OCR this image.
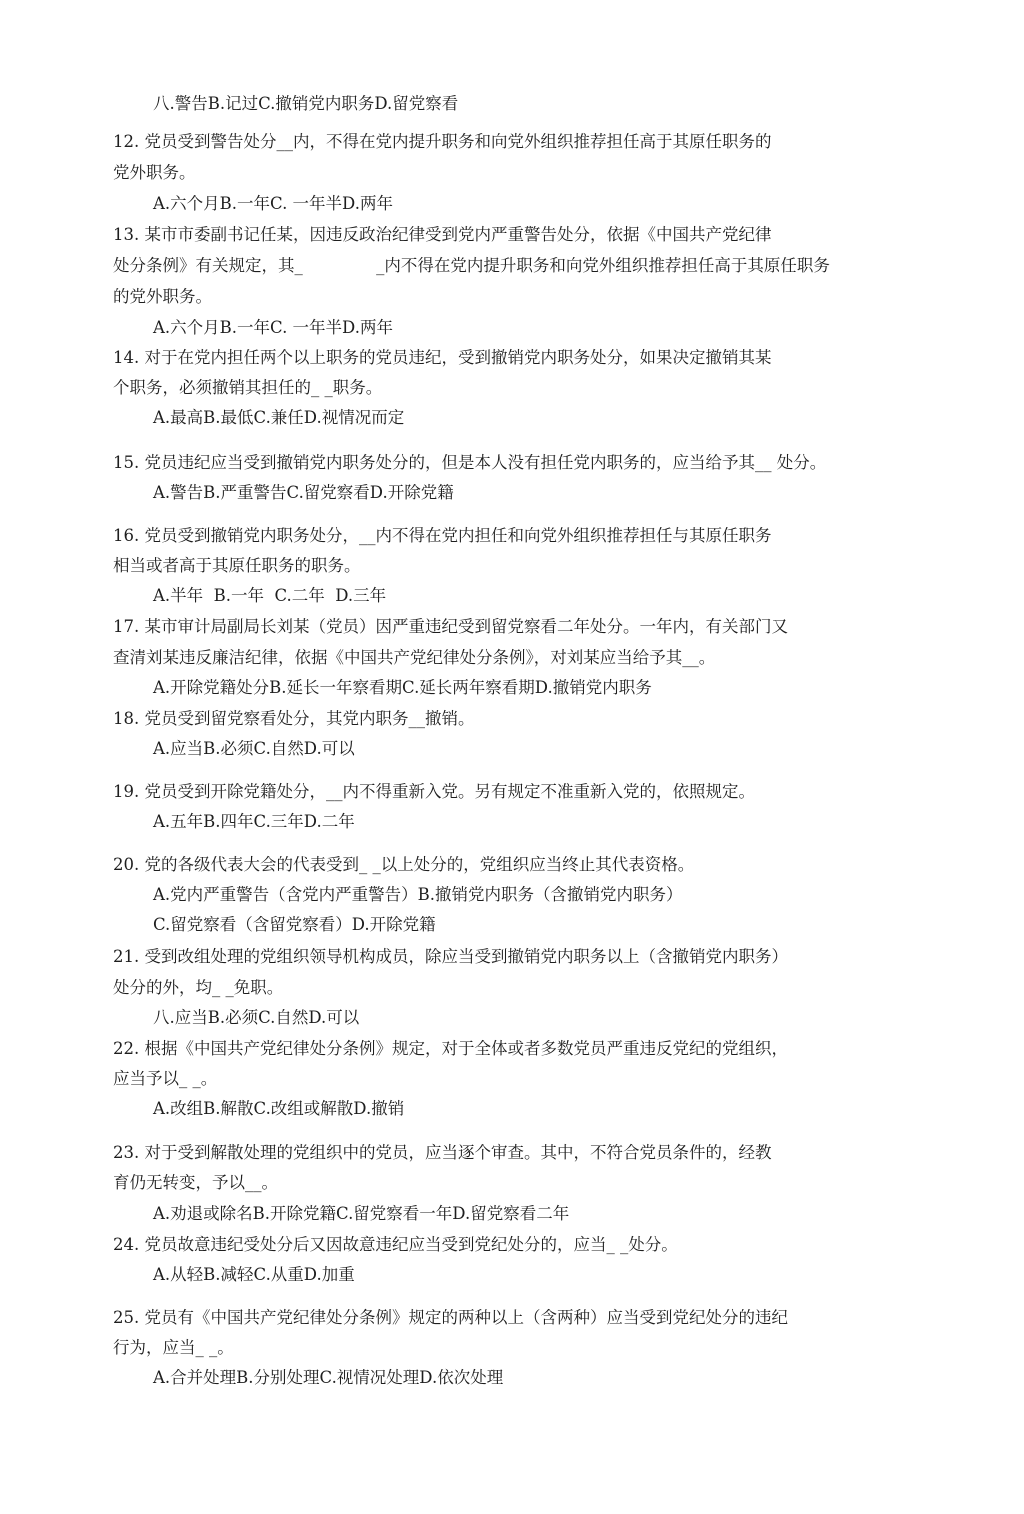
八.警告B.记过C.撤销党内职务D.留党察看
12. 党员受到警告处分__内，不得在党内提升职务和向党外组织推荐担任高于其原任职务的
党外职务。
A.六个月B.一年C. 一年半D.两年
13. 某市市委副书记任某，因违反政治纪律受到党内严重警告处分，依据《中国共产党纪律
处分条例》有关规定，其_              _内不得在党内提升职务和向党外组织推荐担任高于其原任职务
的党外职务。
A.六个月B.一年C. 一年半D.两年
14. 对于在党内担任两个以上职务的党员违纪，受到撤销党内职务处分，如果决定撤销其某
个职务，必须撤销其担任的_ _职务。
A.最高B.最低C.兼任D.视情况而定
15. 党员违纪应当受到撤销党内职务处分的，但是本人没有担任党内职务的，应当给予其__ 处分。
A.警告B.严重警告C.留党察看D.开除党籍
16. 党员受到撤销党内职务处分，__内不得在党内担任和向党外组织推荐担任与其原任职务
相当或者高于其原任职务的职务。
A.半年  B.一年  C.二年  D.三年
17. 某市审计局副局长刘某（党员）因严重违纪受到留党察看二年处分。一年内，有关部门又
查清刘某违反廉洁纪律，依据《中国共产党纪律处分条例》，对刘某应当给予其__。
A.开除党籍处分B.延长一年察看期C.延长两年察看期D.撤销党内职务
18. 党员受到留党察看处分，其党内职务__撤销。
A.应当B.必须C.自然D.可以
19. 党员受到开除党籍处分，__内不得重新入党。另有规定不准重新入党的，依照规定。
A.五年B.四年C.三年D.二年
20. 党的各级代表大会的代表受到_ _以上处分的，党组织应当终止其代表资格。
A.党内严重警告（含党内严重警告）B.撤销党内职务（含撤销党内职务）
C.留党察看（含留党察看）D.开除党籍
21. 受到改组处理的党组织领导机构成员，除应当受到撤销党内职务以上（含撤销党内职务）
处分的外，均_ _免职。
八.应当B.必须C.自然D.可以
22. 根据《中国共产党纪律处分条例》规定，对于全体或者多数党员严重违反党纪的党组织，
应当予以_ _。
A.改组B.解散C.改组或解散D.撤销
23. 对于受到解散处理的党组织中的党员，应当逐个审查。其中，不符合党员条件的，经教
育仍无转变，予以__。
A.劝退或除名B.开除党籍C.留党察看一年D.留党察看二年
24. 党员故意违纪受处分后又因故意违纪应当受到党纪处分的，应当_ _处分。
A.从轻B.减轻C.从重D.加重
25. 党员有《中国共产党纪律处分条例》规定的两种以上（含两种）应当受到党纪处分的违纪
行为，应当_ _。
A.合并处理B.分别处理C.视情况处理D.依次处理
